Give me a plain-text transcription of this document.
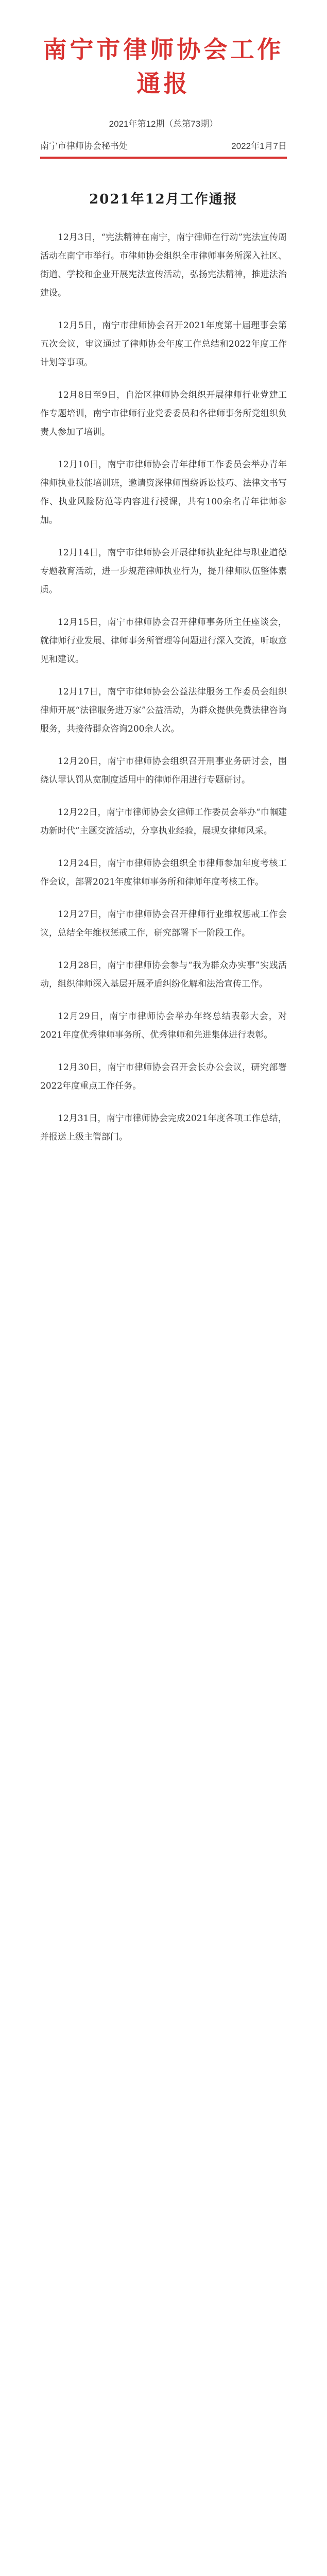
南宁市律师协会工作通报
2021年第12期（总第73期）
南宁市律师协会秘书处	2022年1月7日
2021年12月工作通报

12月3日，“宪法精神在南宁，南宁律师在行动”宪法宣传周活动在南宁市举行。市律师协会组织全市律师事务所深入社区、街道、学校和企业开展宪法宣传活动，弘扬宪法精神，推进法治建设。

12月5日，南宁市律师协会召开2021年度第十届理事会第五次会议，审议通过了律师协会年度工作总结和2022年度工作计划等事项。

12月8日至9日，自治区律师协会组织开展律师行业党建工作专题培训，南宁市律师行业党委委员和各律师事务所党组织负责人参加了培训。

12月10日，南宁市律师协会青年律师工作委员会举办青年律师执业技能培训班，邀请资深律师围绕诉讼技巧、法律文书写作、执业风险防范等内容进行授课，共有100余名青年律师参加。

12月14日，南宁市律师协会开展律师执业纪律与职业道德专题教育活动，进一步规范律师执业行为，提升律师队伍整体素质。

12月15日，南宁市律师协会召开律师事务所主任座谈会，就律师行业发展、律师事务所管理等问题进行深入交流，听取意见和建议。

12月17日，南宁市律师协会公益法律服务工作委员会组织律师开展“法律服务进万家”公益活动，为群众提供免费法律咨询服务，共接待群众咨询200余人次。

12月20日，南宁市律师协会组织召开刑事业务研讨会，围绕认罪认罚从宽制度适用中的律师作用进行专题研讨。

12月22日，南宁市律师协会女律师工作委员会举办“巾帼建功新时代”主题交流活动，分享执业经验，展现女律师风采。

12月24日，南宁市律师协会组织全市律师参加年度考核工作会议，部署2021年度律师事务所和律师年度考核工作。

12月27日，南宁市律师协会召开律师行业维权惩戒工作会议，总结全年维权惩戒工作，研究部署下一阶段工作。

12月28日，南宁市律师协会参与“我为群众办实事”实践活动，组织律师深入基层开展矛盾纠纷化解和法治宣传工作。

12月29日，南宁市律师协会举办年终总结表彰大会，对2021年度优秀律师事务所、优秀律师和先进集体进行表彰。

12月30日，南宁市律师协会召开会长办公会议，研究部署2022年度重点工作任务。

12月31日，南宁市律师协会完成2021年度各项工作总结，并报送上级主管部门。
